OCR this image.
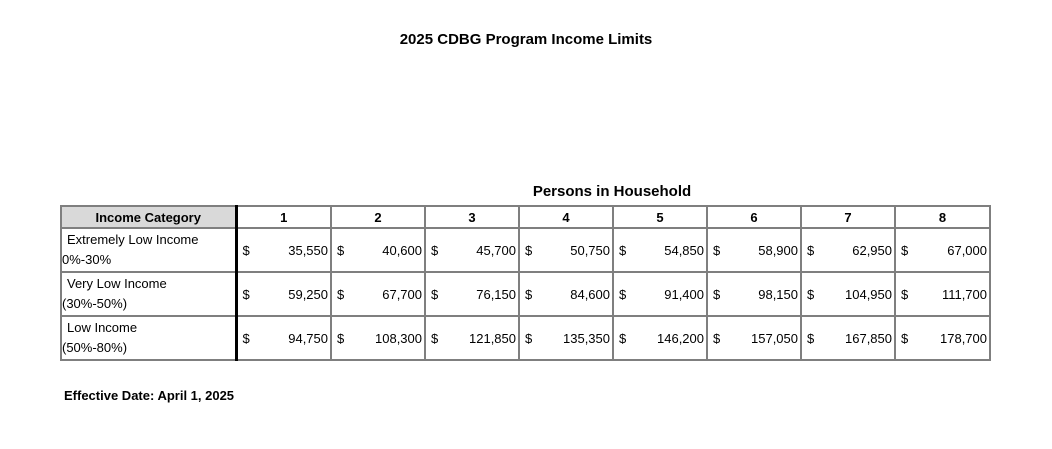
2025 CDBG Program Income Limits
Persons in Household
Income Category	1	2	3	4	5	6	7	8

Extremely Low Income
0%-30%	$ 35,550	$ 40,600	$ 45,700	$ 50,750	$ 54,850	$ 58,900	$ 62,950	$ 67,000

Very Low Income
(30%-50%)	$ 59,250	$ 67,700	$ 76,150	$ 84,600	$ 91,400	$ 98,150	$ 104,950	$ 111,700

Low Income
(50%-80%)	$ 94,750	$ 108,300	$ 121,850	$ 135,350	$ 146,200	$ 157,050	$ 167,850	$ 178,700
Effective Date: April 1, 2025
